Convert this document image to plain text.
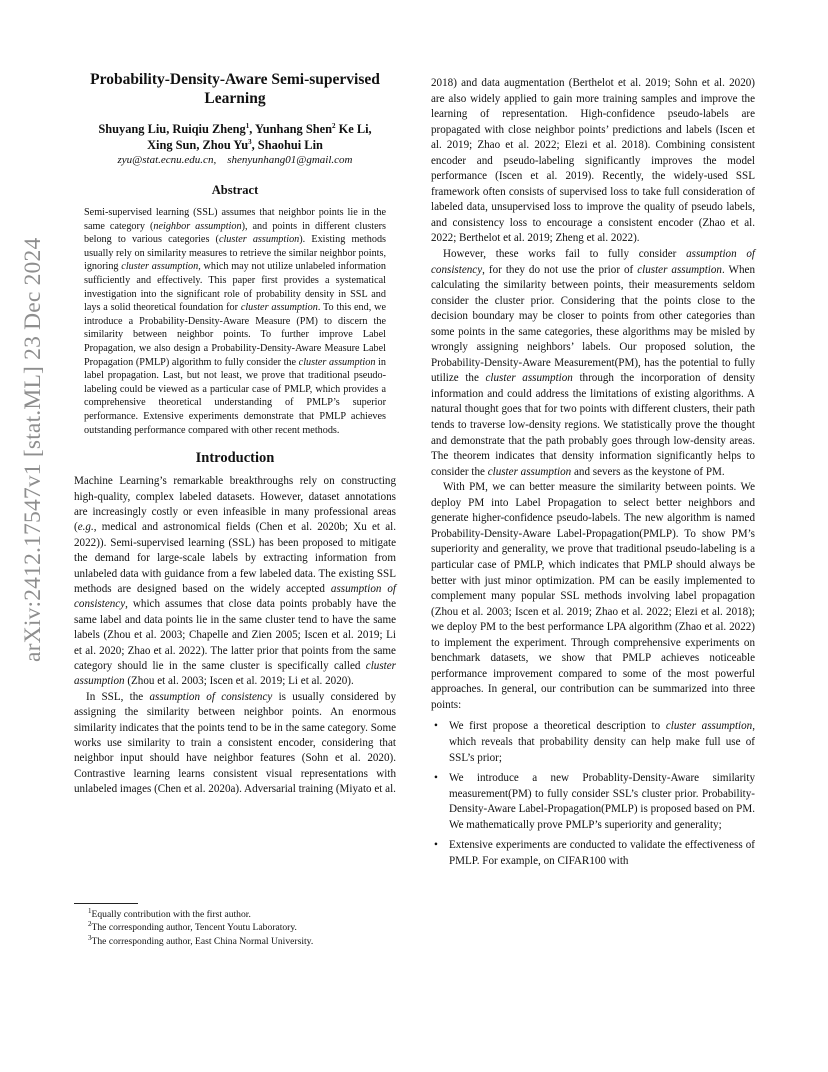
arXiv:2412.17547v1 [stat.ML] 23 Dec 2024
Probability-Density-Aware Semi-supervised
Learning
Shuyang Liu, Ruiqiu Zheng$^1$, Yunhang Shen$^2$ Ke Li,
Xing Sun, Zhou Yu$^3$, Shaohui Lin
zyu@stat.ecnu.edu.cn,    shenyunhang01@gmail.com
Abstract

Semi-supervised learning (SSL) assumes that neighbor points lie in the same category (neighbor assumption), and points in different clusters belong to various categories (cluster assumption). Existing methods usually rely on similarity measures to retrieve the similar neighbor points, ignoring cluster assumption, which may not utilize unlabeled information sufficiently and effectively. This paper first provides a systematical investigation into the significant role of probability density in SSL and lays a solid theoretical foundation for cluster assumption. To this end, we introduce a Probability-Density-Aware Measure (PM) to discern the similarity between neighbor points. To further improve Label Propagation, we also design a Probability-Density-Aware Measure Label Propagation (PMLP) algorithm to fully consider the cluster assumption in label propagation. Last, but not least, we prove that traditional pseudo-labeling could be viewed as a particular case of PMLP, which provides a comprehensive theoretical understanding of PMLP’s superior performance. Extensive experiments demonstrate that PMLP achieves outstanding performance compared with other recent methods.

Introduction

Machine Learning’s remarkable breakthroughs rely on constructing high-quality, complex labeled datasets. However, dataset annotations are increasingly costly or even infeasible in many professional areas (e.g., medical and astronomical fields (Chen et al. 2020b; Xu et al. 2022)). Semi-supervised learning (SSL) has been proposed to mitigate the demand for large-scale labels by extracting information from unlabeled data with guidance from a few labeled data. The existing SSL methods are designed based on the widely accepted assumption of consistency, which assumes that close data points probably have the same label and data points lie in the same cluster tend to have the same labels (Zhou et al. 2003; Chapelle and Zien 2005; Iscen et al. 2019; Li et al. 2020; Zhao et al. 2022). The latter prior that points from the same category should lie in the same cluster is specifically called cluster assumption (Zhou et al. 2003; Iscen et al. 2019; Li et al. 2020).

In SSL, the assumption of consistency is usually considered by assigning the similarity between neighbor points. An enormous similarity indicates that the points tend to be in the same category. Some works use similarity to train a consistent encoder, considering that neighbor input should have neighbor features (Sohn et al. 2020). Contrastive learning learns consistent visual representations with unlabeled images (Chen et al. 2020a). Adversarial training (Miyato et al.

$^1$Equally contribution with the first author.
$^2$The corresponding author, Tencent Youtu Laboratory.
$^3$The corresponding author, East China Normal University.

2018) and data augmentation (Berthelot et al. 2019; Sohn et al. 2020) are also widely applied to gain more training samples and improve the learning of representation. High-confidence pseudo-labels are propagated with close neighbor points’ predictions and labels (Iscen et al. 2019; Zhao et al. 2022; Elezi et al. 2018). Combining consistent encoder and pseudo-labeling significantly improves the model performance (Iscen et al. 2019). Recently, the widely-used SSL framework often consists of supervised loss to take full consideration of labeled data, unsupervised loss to improve the quality of pseudo labels, and consistency loss to encourage a consistent encoder (Zhao et al. 2022; Berthelot et al. 2019; Zheng et al. 2022).

However, these works fail to fully consider assumption of consistency, for they do not use the prior of cluster assumption. When calculating the similarity between points, their measurements seldom consider the cluster prior. Considering that the points close to the decision boundary may be closer to points from other categories than some points in the same categories, these algorithms may be misled by wrongly assigning neighbors’ labels. Our proposed solution, the Probability-Density-Aware Measurement(PM), has the potential to fully utilize the cluster assumption through the incorporation of density information and could address the limitations of existing algorithms. A natural thought goes that for two points with different clusters, their path tends to traverse low-density regions. We statistically prove the thought and demonstrate that the path probably goes through low-density areas. The theorem indicates that density information significantly helps to consider the cluster assumption and severs as the keystone of PM.

With PM, we can better measure the similarity between points. We deploy PM into Label Propagation to select better neighbors and generate higher-confidence pseudo-labels. The new algorithm is named Probability-Density-Aware Label-Propagation(PMLP). To show PM’s superiority and generality, we prove that traditional pseudo-labeling is a particular case of PMLP, which indicates that PMLP should always be better with just minor optimization. PM can be easily implemented to complement many popular SSL methods involving label propagation (Zhou et al. 2003; Iscen et al. 2019; Zhao et al. 2022; Elezi et al. 2018); we deploy PM to the best performance LPA algorithm (Zhao et al. 2022) to implement the experiment. Through comprehensive experiments on benchmark datasets, we show that PMLP achieves noticeable performance improvement compared to some of the most powerful approaches. In general, our contribution can be summarized into three points:

• We first propose a theoretical description to cluster assumption, which reveals that probability density can help make full use of SSL’s prior;
• We introduce a new Probablity-Density-Aware similarity measurement(PM) to fully consider SSL’s cluster prior. Probability-Density-Aware Label-Propagation(PMLP) is proposed based on PM. We mathematically prove PMLP’s superiority and generality;
• Extensive experiments are conducted to validate the effectiveness of PMLP. For example, on CIFAR100 with
